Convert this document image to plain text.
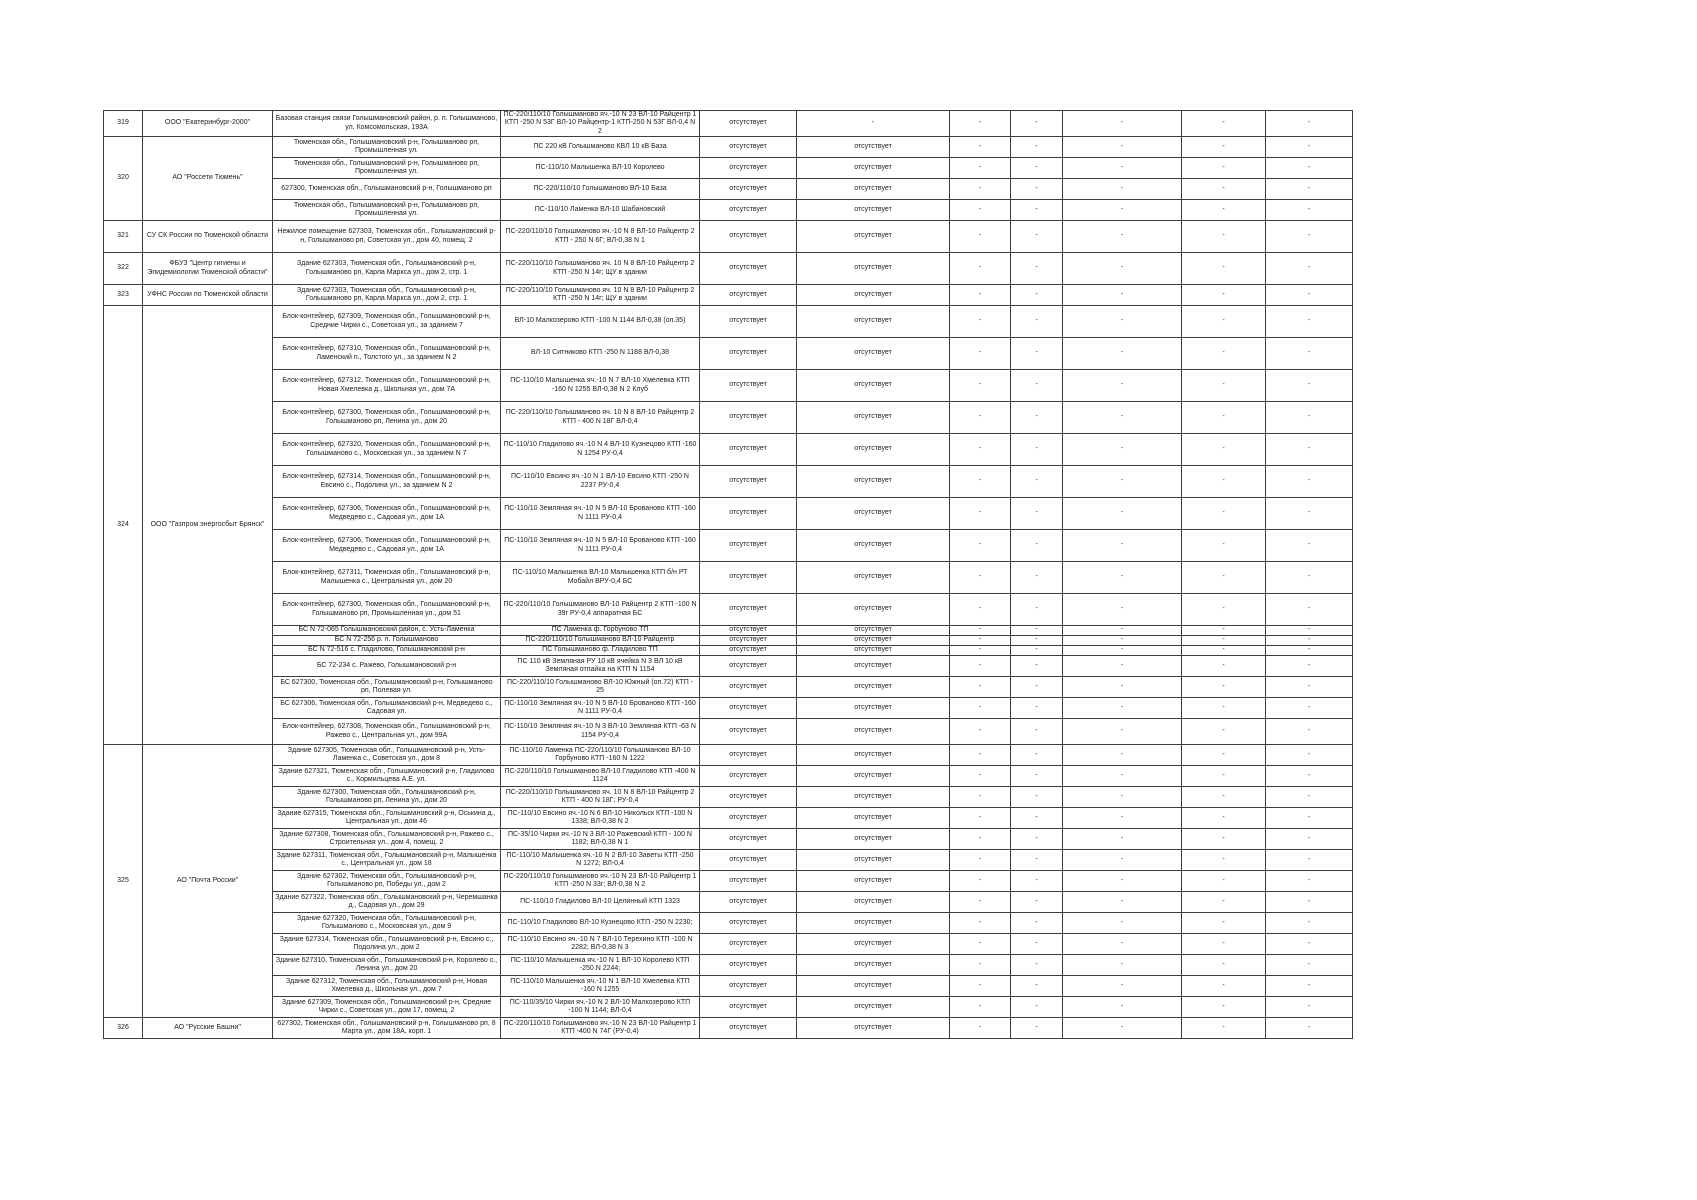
319	ООО "Екатеринбург-2000"	Базовая станция связи Голышмановский район, р. п. Голышманово, ул. Комсомольская, 193А	ПС-220/110/10 Голышманово яч.-10 N 23 ВЛ-10 Райцентр 1 КТП -250 N 53Г ВЛ-10 Райцентр-1 КТП-250 N 53Г ВЛ-0,4 N 2	отсутствует	-	-	-	-	-	-
320	АО "Россети Тюмень"	Тюменская обл., Голышмановский р-н, Голышманово рп, Промышленная ул.	ПС 220 кВ Голышманово КВЛ 10 кВ База	отсутствует	отсутствует	-	-	-	-	-
		Тюменская обл., Голышмановский р-н, Голышманово рп, Промышленная ул.	ПС-110/10 Малышенка ВЛ-10 Королево	отсутствует	отсутствует	-	-	-	-	-
		627300, Тюменская обл., Голышмановский р-н, Голышманово рп	ПС-220/110/10 Голышманово ВЛ-10 База	отсутствует	отсутствует	-	-	-	-	-
		Тюменская обл., Голышмановский р-н, Голышманово рп, Промышленная ул.	ПС-110/10 Ламенка ВЛ-10 Шабановский	отсутствует	отсутствует	-	-	-	-	-
321	СУ СК России по Тюменской области	Нежилое помещение 627303, Тюменская обл., Голышмановский р-н, Голышманово рп, Советская ул., дом 40, помещ. 2	ПС-220/110/10 Голышманово яч.-10 N 8 ВЛ-10 Райцентр 2 КТП - 250 N 6Г; ВЛ-0,38 N 1	отсутствует	отсутствует	-	-	-	-	-
322	ФБУЗ "Центр гигиены и Эпидемиологии Тюменской области"	Здание 627303, Тюменская обл., Голышмановский р-н, Голышманово рп, Карла Маркса ул., дом 2, стр. 1	ПС-220/110/10 Голышманово яч. 10 N 8 ВЛ-10 Райцентр 2 КТП -250 N 14г; ЩУ в здании	отсутствует	отсутствует	-	-	-	-	-
323	УФНС России по Тюменской области	Здание 627303, Тюменская обл., Голышмановский р-н, Голышманово рп, Карла Маркса ул., дом 2, стр. 1	ПС-220/110/10 Голышманово яч. 10 N 8 ВЛ-10 Райцентр 2 КТП -250 N 14г; ЩУ в здании	отсутствует	отсутствует	-	-	-	-	-
324	ООО "Газпром энергосбыт Брянск"	Блок-контейнер, 627309, Тюменская обл., Голышмановский р-н, Средние Чирки с., Советская ул., за зданием 7	ВЛ-10 Малкозерово КТП -100 N 1144 ВЛ-0,38 (оп.35)	отсутствует	отсутствует	-	-	-	-	-
		Блок-контейнер, 627310, Тюменская обл., Голышмановский р-н, Ламенский п., Толстого ул., за зданием N 2	ВЛ-10 Ситниково КТП -250 N 1188 ВЛ-0,38	отсутствует	отсутствует	-	-	-	-	-
		Блок-контейнер, 627312, Тюменская обл., Голышмановский р-н, Новая Хмелевка д., Школьная ул., дом 7А	ПС-110/10 Малышенка яч.-10 N 7 ВЛ-10 Хмелевка КТП -160 N 1255 ВЛ-0,38 N 2 Клуб	отсутствует	отсутствует	-	-	-	-	-
		Блок-контейнер, 627300, Тюменская обл., Голышмановский р-н, Голышманово рп, Ленина ул., дом 20	ПС-220/110/10 Голышманово яч. 10 N 8 ВЛ-10 Райцентр 2 КТП - 400 N 18Г ВЛ-0,4	отсутствует	отсутствует	-	-	-	-	-
		Блок-контейнер, 627320, Тюменская обл., Голышмановский р-н, Голышманово с., Московская ул., за зданием N 7	ПС-110/10 Гладилово яч.-10 N 4 ВЛ-10 Кузнецово КТП -160 N 1254 РУ-0,4	отсутствует	отсутствует	-	-	-	-	-
		Блок-контейнер, 627314, Тюменская обл., Голышмановский р-н, Евсино с., Подолина ул., за зданием N 2	ПС-110/10 Евсино яч.-10 N 1 ВЛ-10 Евсино КТП -250 N 2237 РУ-0,4	отсутствует	отсутствует	-	-	-	-	-
		Блок-контейнер, 627306, Тюменская обл., Голышмановский р-н, Медведево с., Садовая ул., дом 1А	ПС-110/10 Земляная яч.-10 N 5 ВЛ-10 Брованово КТП -160 N 1111 РУ-0,4	отсутствует	отсутствует	-	-	-	-	-
		Блок-контейнер, 627306, Тюменская обл., Голышмановский р-н, Медведево с., Садовая ул., дом 1А	ПС-110/10 Земляная яч.-10 N 5 ВЛ-10 Брованово КТП -160 N 1111 РУ-0,4	отсутствует	отсутствует	-	-	-	-	-
		Блок-контейнер, 627311, Тюменская обл., Голышмановский р-н, Малышенка с., Центральная ул., дом 20	ПС-110/10 Малышенка ВЛ-10 Малышенка КТП б/н РТ Мобайл ВРУ-0,4 БС	отсутствует	отсутствует	-	-	-	-	-
		Блок-контейнер, 627300, Тюменская обл., Голышмановский р-н, Голышманово рп, Промышленная ул., дом 51	ПС-220/110/10 Голышманово ВЛ-10 Райцентр 2 КТП -100 N 39г РУ-0,4 аппаратная БС	отсутствует	отсутствует	-	-	-	-	-
		БС N 72-065 Голышмановский район, с. Усть-Ламенка	ПС Ламенка ф. Горбуново ТП	отсутствует	отсутствует	-	-	-	-	-
		БС N 72-256 р. п. Голышманово	ПС-220/110/10 Голышманово ВЛ-10 Райцентр	отсутствует	отсутствует	-	-	-	-	-
		БС N 72-516 с. Гладилово, Голышмановский р-н	ПС Голышманово ф. Гладилово ТП	отсутствует	отсутствует	-	-	-	-	-
		БС 72-234 с. Ражево, Голышмановский р-н	ПС 110 кВ Земляная РУ 10 кВ ячейка N 3 ВЛ 10 кВ Земляная отпайка на КТП N 1154	отсутствует	отсутствует	-	-	-	-	-
		БС 627300, Тюменская обл., Голышмановский р-н, Голышманово рп, Полевая ул.	ПС-220/110/10 Голышманово ВЛ-10 Южный (оп.72) КТП - 25	отсутствует	отсутствует	-	-	-	-	-
		БС 627306, Тюменская обл., Голышмановский р-н, Медведево с., Садовая ул.	ПС-110/10 Земляная яч.-10 N 5 ВЛ-10 Брованово КТП -160 N 1111 РУ-0,4	отсутствует	отсутствует	-	-	-	-	-
		Блок-контейнер, 627308, Тюменская обл., Голышмановский р-н, Ражево с., Центральная ул., дом 99А	ПС-110/10 Земляная яч.-10 N 3 ВЛ-10 Земляная КТП -63 N 1154 РУ-0,4	отсутствует	отсутствует	-	-	-	-	-
325	АО "Почта России"	Здание 627305, Тюменская обл., Голышмановский р-н, Усть-Ламенка с., Советская ул., дом 8	ПС-110/10 Ламенка ПС-220/110/10 Голышманово ВЛ-10 Горбуново КТП -160 N 1222	отсутствует	отсутствует	-	-	-	-	-
		Здание 627321, Тюменская обл., Голышмановский р-н, Гладилово с., Кормильцева А.Е. ул.	ПС-220/110/10 Голышманово ВЛ-10 Гладилово КТП -400 N 1124	отсутствует	отсутствует	-	-	-	-	-
		Здание 627300, Тюменская обл., Голышмановский р-н, Голышманово рп, Ленина ул., дом 20	ПС-220/110/10 Голышманово яч. 10 N 8 ВЛ-10 Райцентр 2 КТП - 400 N 18Г; РУ-0,4	отсутствует	отсутствует	-	-	-	-	-
		Здание 627315, Тюменская обл., Голышмановский р-н, Оськина д., Центральная ул., дом 46	ПС-110/10 Евсино яч.-10 N 6 ВЛ-10 Никольск КТП -100 N 1338; ВЛ-0,38 N 2	отсутствует	отсутствует	-	-	-	-	-
		Здание 627308, Тюменская обл., Голышмановский р-н, Ражево с., Строительная ул., дом 4, помещ. 2	ПС-35/10 Чирки яч.-10 N 3 ВЛ-10 Ражевский КТП - 100 N 1182; ВЛ-0,38 N 1	отсутствует	отсутствует	-	-	-	-	-
		Здание 627311, Тюменская обл., Голышмановский р-н, Малышенка с., Центральная ул., дом 18	ПС-110/10 Малышенка яч.-10 N 2 ВЛ-10 Заветы КТП -250 N 1272; ВЛ-0,4	отсутствует	отсутствует	-	-	-	-	-
		Здание 627302, Тюменская обл., Голышмановский р-н, Голышманово рп, Победы ул., дом 2	ПС-220/110/10 Голышманово яч.-10 N 23 ВЛ-10 Райцентр 1 КТП -250 N 33г; ВЛ-0,38 N 2	отсутствует	отсутствует	-	-	-	-	-
		Здание 627322, Тюменская обл., Голышмановский р-н, Черемшанка д., Садовая ул., дом 29	ПС-110/10 Гладилово ВЛ-10 Целинный КТП 1323	отсутствует	отсутствует	-	-	-	-	-
		Здание 627320, Тюменская обл., Голышмановский р-н, Голышманово с., Московская ул., дом 9	ПС-110/10 Гладилово ВЛ-10 Кузнецово КТП -250 N 2230;	отсутствует	отсутствует	-	-	-	-	-
		Здание 627314, Тюменская обл., Голышмановский р-н, Евсино с., Подолина ул., дом 2	ПС-110/10 Евсино яч.-10 N 7 ВЛ-10 Терехино КТП -100 N 2282; ВЛ-0,38 N 3	отсутствует	отсутствует	-	-	-	-	-
		Здание 627310, Тюменская обл., Голышмановский р-н, Королево с., Ленина ул., дом 20	ПС-110/10 Малышенка яч.-10 N 1 ВЛ-10 Королево КТП -250 N 2244;	отсутствует	отсутствует	-	-	-	-	-
		Здание 627312, Тюменская обл., Голышмановский р-н, Новая Хмелевка д., Школьная ул., дом 7	ПС-110/10 Малышенка яч.-10 N 1 ВЛ-10 Хмелевка КТП -160 N 1255	отсутствует	отсутствует	-	-	-	-	-
		Здание 627309, Тюменская обл., Голышмановский р-н, Средние Чирки с., Советская ул., дом 17, помещ. 2	ПС-110/35/10 Чирки яч.-10 N 2 ВЛ-10 Малкозерово КТП -100 N 1144; ВЛ-0,4	отсутствует	отсутствует	-	-	-	-	-
326	АО "Русские Башни"	627302, Тюменская обл., Голышмановский р-н, Голышманово рп, 8 Марта ул., дом 18А, корп. 1	ПС-220/110/10 Голышманово яч.-10 N 23 ВЛ-10 Райцентр 1 КТП -400 N 74Г (РУ-0,4)	отсутствует	отсутствует	-	-	-	-	-
